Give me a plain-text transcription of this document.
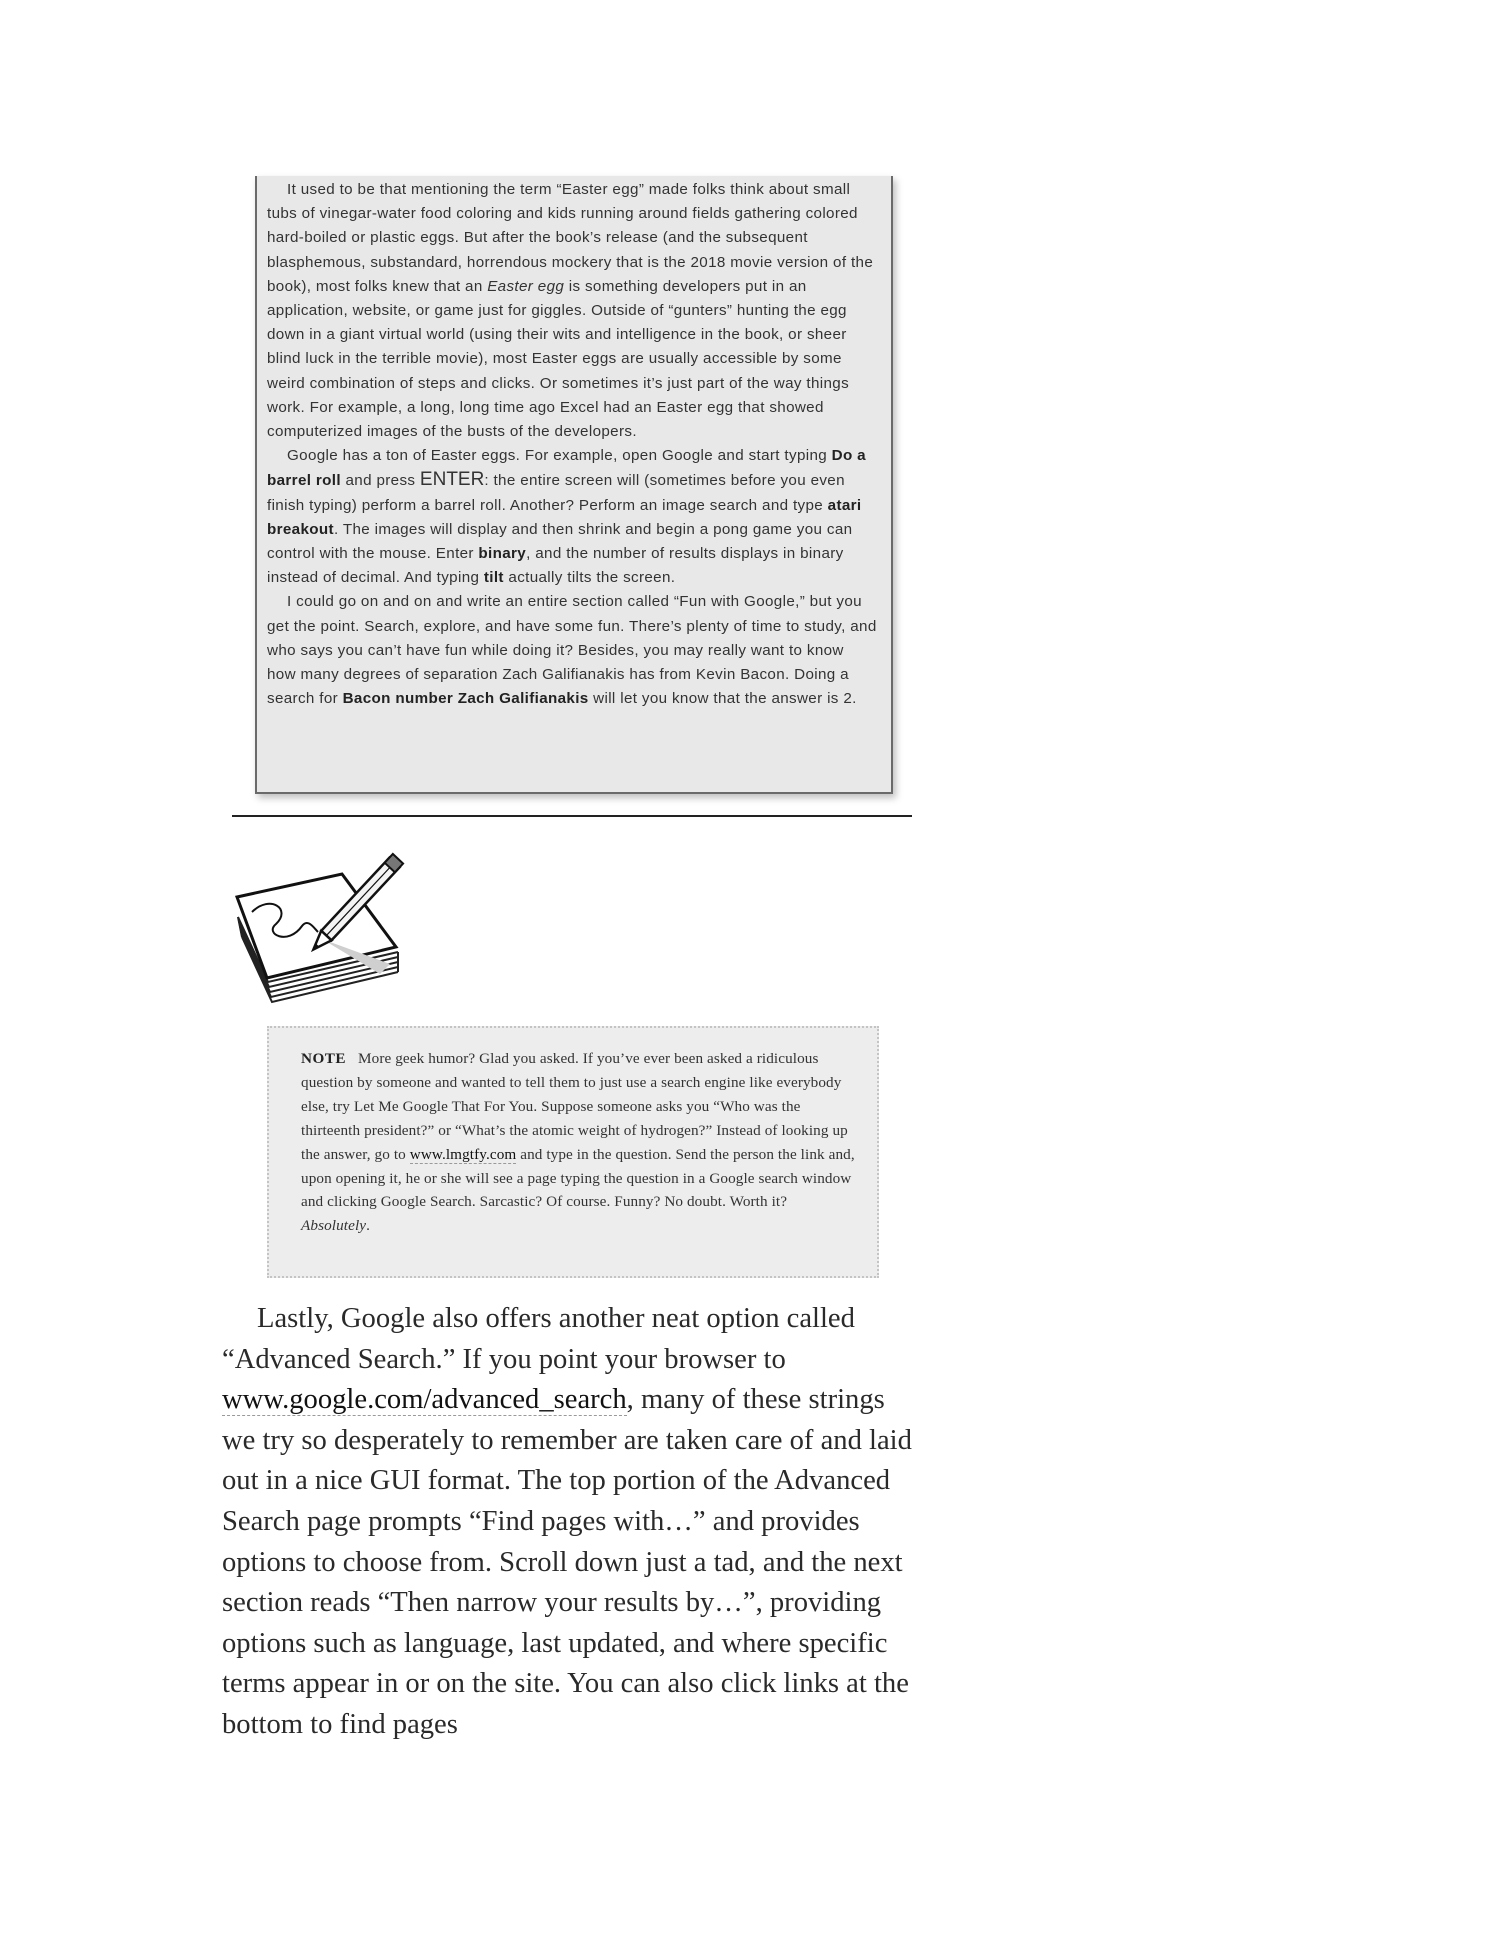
It used to be that mentioning the term “Easter egg” made folks think about small tubs of vinegar-water food coloring and kids running around fields gathering colored hard-boiled or plastic eggs. But after the book’s release (and the subsequent blasphemous, substandard, horrendous mockery that is the 2018 movie version of the book), most folks knew that an Easter egg is something developers put in an application, website, or game just for giggles. Outside of “gunters” hunting the egg down in a giant virtual world (using their wits and intelligence in the book, or sheer blind luck in the terrible movie), most Easter eggs are usually accessible by some weird combination of steps and clicks. Or sometimes it’s just part of the way things work. For example, a long, long time ago Excel had an Easter egg that showed computerized images of the busts of the developers.

Google has a ton of Easter eggs. For example, open Google and start typing Do a barrel roll and press ENTER: the entire screen will (sometimes before you even finish typing) perform a barrel roll. Another? Perform an image search and type atari breakout. The images will display and then shrink and begin a pong game you can control with the mouse. Enter binary, and the number of results displays in binary instead of decimal. And typing tilt actually tilts the screen.

I could go on and on and write an entire section called “Fun with Google,” but you get the point. Search, explore, and have some fun. There’s plenty of time to study, and who says you can’t have fun while doing it? Besides, you may really want to know how many degrees of separation Zach Galifianakis has from Kevin Bacon. Doing a search for Bacon number Zach Galifianakis will let you know that the answer is 2.

NOTE More geek humor? Glad you asked. If you’ve ever been asked a ridiculous question by someone and wanted to tell them to just use a search engine like everybody else, try Let Me Google That For You. Suppose someone asks you “Who was the thirteenth president?” or “What’s the atomic weight of hydrogen?” Instead of looking up the answer, go to www.lmgtfy.com and type in the question. Send the person the link and, upon opening it, he or she will see a page typing the question in a Google search window and clicking Google Search. Sarcastic? Of course. Funny? No doubt. Worth it? Absolutely.

Lastly, Google also offers another neat option called “Advanced Search.” If you point your browser to www.google.com/advanced_search, many of these strings we try so desperately to remember are taken care of and laid out in a nice GUI format. The top portion of the Advanced Search page prompts “Find pages with…” and provides options to choose from. Scroll down just a tad, and the next section reads “Then narrow your results by…”, providing options such as language, last updated, and where specific terms appear in or on the site. You can also click links at the bottom to find pages
